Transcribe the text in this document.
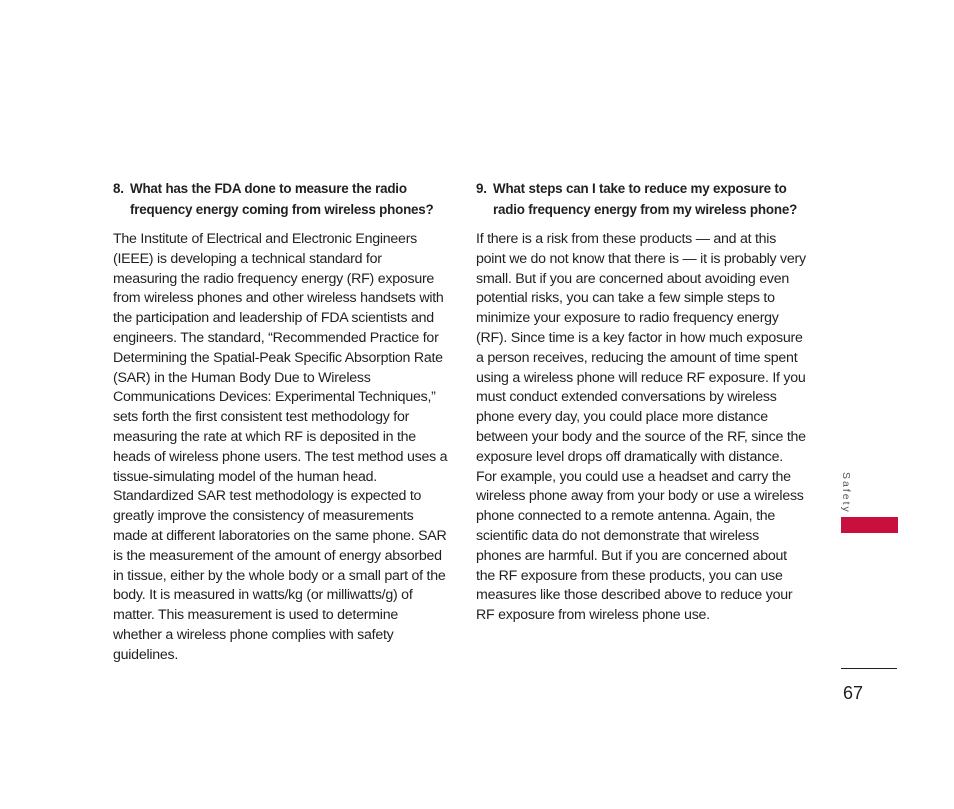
8. What has the FDA done to measure the radio frequency energy coming from wireless phones?

The Institute of Electrical and Electronic Engineers (IEEE) is developing a technical standard for measuring the radio frequency energy (RF) exposure from wireless phones and other wireless handsets with the participation and leadership of FDA scientists and engineers. The standard, “Recommended Practice for Determining the Spatial-Peak Specific Absorption Rate (SAR) in the Human Body Due to Wireless Communications Devices: Experimental Techniques,” sets forth the first consistent test methodology for measuring the rate at which RF is deposited in the heads of wireless phone users. The test method uses a tissue-simulating model of the human head. Standardized SAR test methodology is expected to greatly improve the consistency of measurements made at different laboratories on the same phone. SAR is the measurement of the amount of energy absorbed in tissue, either by the whole body or a small part of the body. It is measured in watts/kg (or milliwatts/g) of matter. This measurement is used to determine whether a wireless phone complies with safety guidelines.

9. What steps can I take to reduce my exposure to radio frequency energy from my wireless phone?

If there is a risk from these products — and at this point we do not know that there is — it is probably very small. But if you are concerned about avoiding even potential risks, you can take a few simple steps to minimize your exposure to radio frequency energy (RF). Since time is a key factor in how much exposure a person receives, reducing the amount of time spent using a wireless phone will reduce RF exposure. If you must conduct extended conversations by wireless phone every day, you could place more distance between your body and the source of the RF, since the exposure level drops off dramatically with distance. For example, you could use a headset and carry the wireless phone away from your body or use a wireless phone connected to a remote antenna. Again, the scientific data do not demonstrate that wireless phones are harmful. But if you are concerned about the RF exposure from these products, you can use measures like those described above to reduce your RF exposure from wireless phone use.

Safety
67
